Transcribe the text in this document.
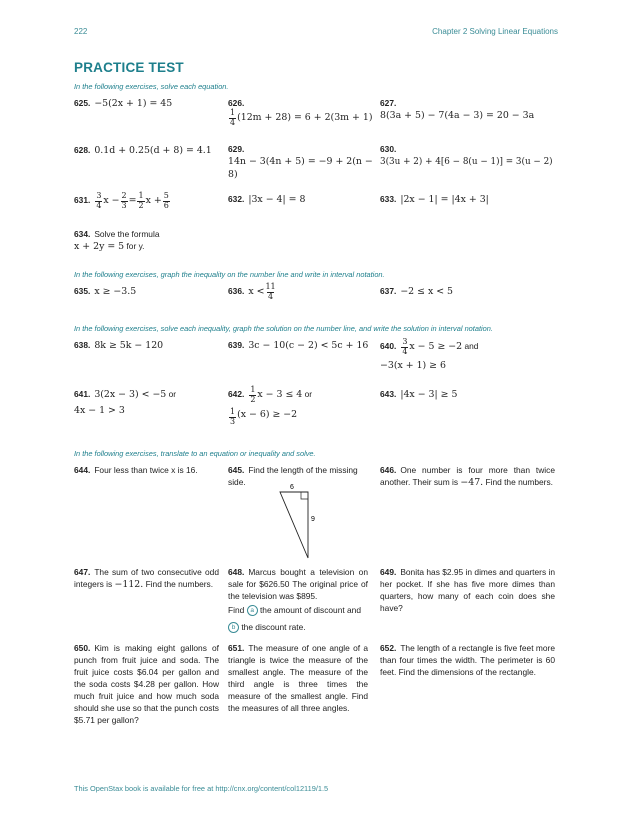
222	Chapter 2 Solving Linear Equations
PRACTICE TEST
In the following exercises, solve each equation.
625. −5(2x + 1) = 45	626.
$\frac{1}{4} (12m + 28) = 6 + 2(3m + 1)$
627.
8(3a + 5) − 7(4a − 3) = 20 − 3a
628. 0.1d + 0.25(d + 8) = 4.1	629.
14n − 3(4n + 5) = −9 + 2(n − 8)
630.
3(3u + 2) + 4[6 − 8(u − 1)] = 3(u − 2)
631. $\frac{3}{4}$ $x - \frac{2}{3} = \frac{1}{2}$ $x + \frac{5}{6}$	632. |3x − 4| = 8	633. |2x − 1| = |4x + 3|
634. Solve the formula
x + 2y = 5 for y.
In the following exercises, graph the inequality on the number line and write in interval notation.
635. x ≥ −3.5	636. $x < \frac{11}{4}$	637. −2 ≤ x < 5
In the following exercises, solve each inequality, graph the solution on the number line, and write the solution in interval notation.
638. 8k ≥ 5k − 120	639. 3c − 10(c − 2) < 5c + 16	640. $\frac{3}{4}$ x − 5 ≥ −2 and
−3(x + 1) ≥ 6
641. 3(2x − 3) < −5 or
4x − 1 > 3
642. $\frac{1}{2}$ x − 3 ≤ 4 or

$\frac{1}{3} (x - 6) \ge -2$
643. |4x − 3| ≥ 5
In the following exercises, translate to an equation or inequality and solve.
644. Four less than twice x is 16.	645. Find the length of the missing side.
6
9
646. One number is four more than twice another. Their sum is −47. Find the numbers.
647. The sum of two consecutive odd integers is −112. Find the numbers.
648. Marcus bought a television on sale for $626.50 The original price of the television was $895.
Find a the amount of discount and
b the discount rate.
649. Bonita has $2.95 in dimes and quarters in her pocket. If she has five more dimes than quarters, how many of each coin does she have?
650. Kim is making eight gallons of punch from fruit juice and soda. The fruit juice costs $6.04 per gallon and the soda costs $4.28 per gallon. How much fruit juice and how much soda should she use so that the punch costs $5.71 per gallon?
651. The measure of one angle of a triangle is twice the measure of the smallest angle. The measure of the third angle is three times the measure of the smallest angle. Find the measures of all three angles.
652. The length of a rectangle is five feet more than four times the width. The perimeter is 60 feet. Find the dimensions of the rectangle.
This OpenStax book is available for free at http://cnx.org/content/col12119/1.5
